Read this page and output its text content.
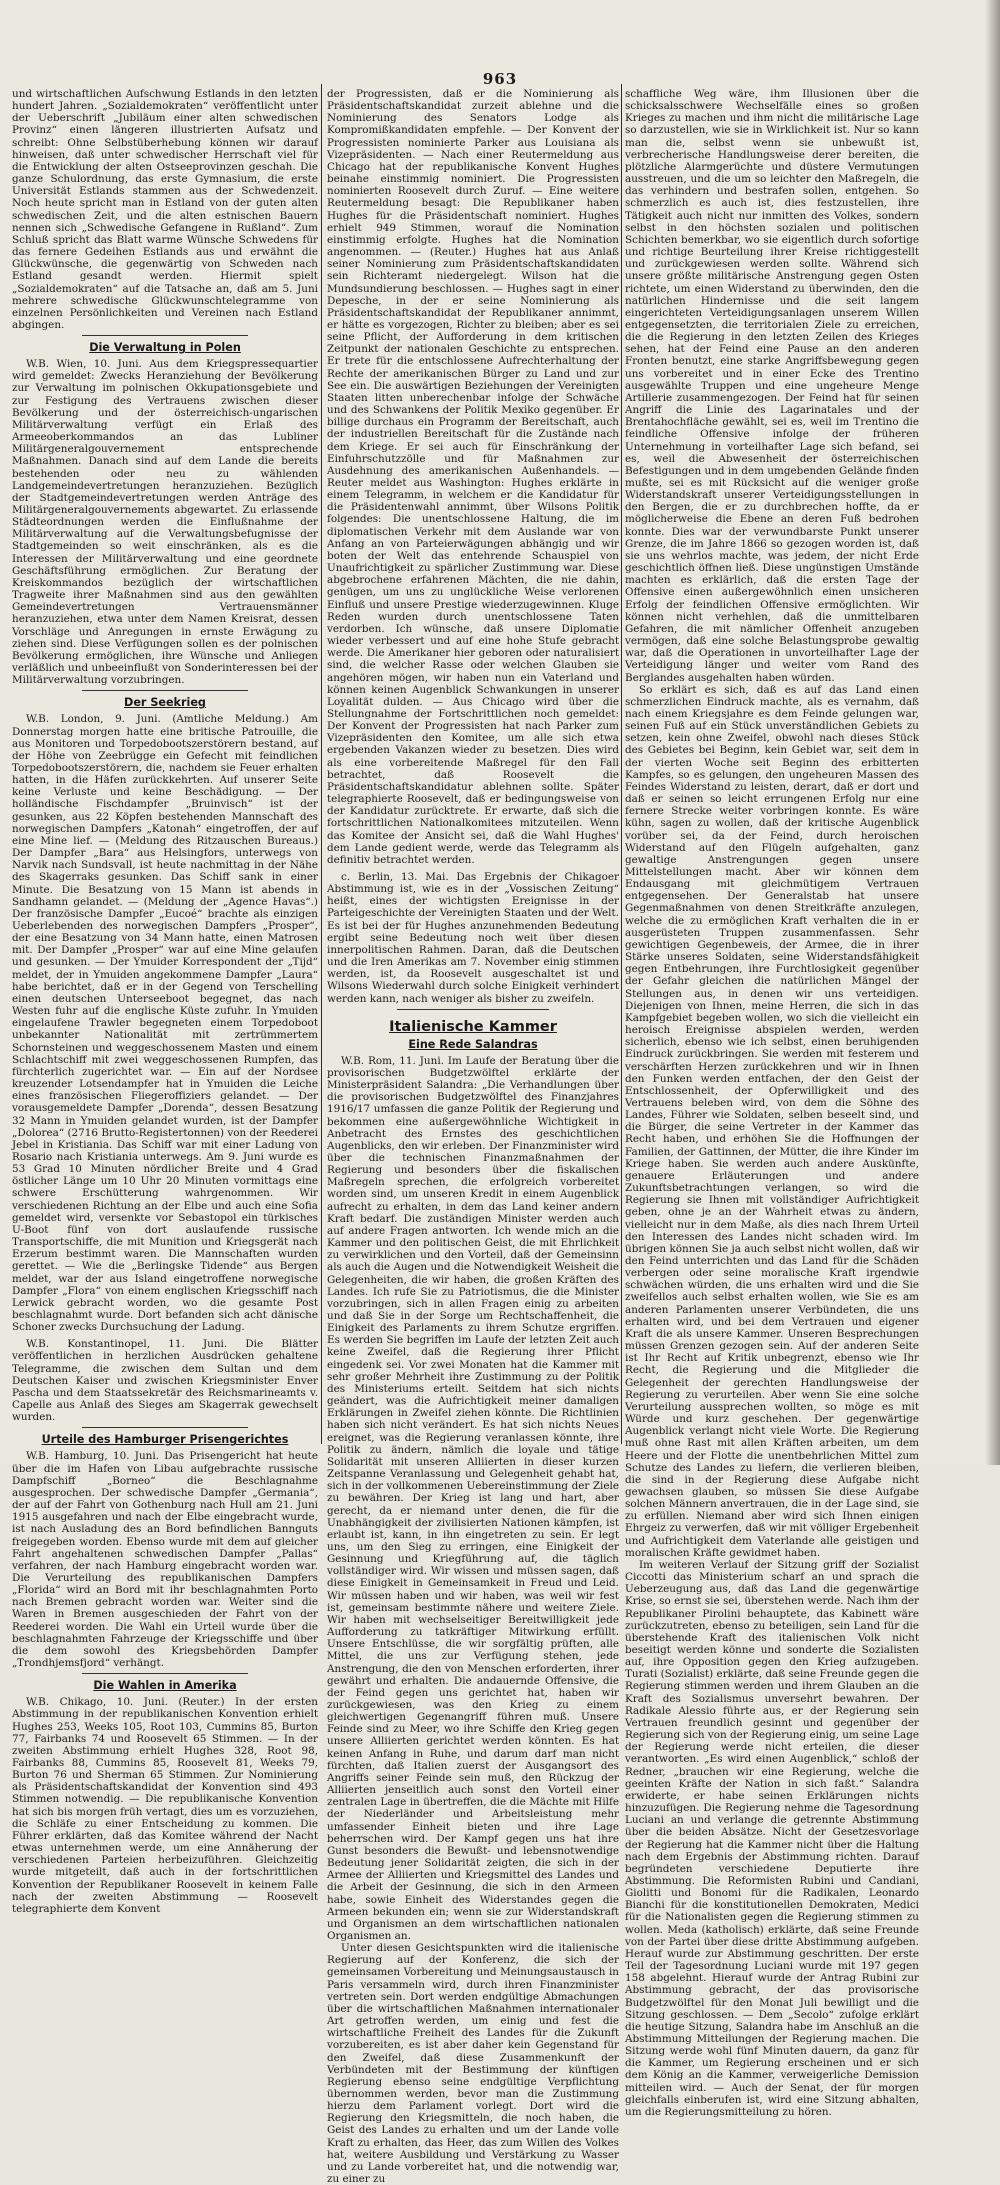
963

und wirtschaftlichen Aufschwung Estlands in den letzten hundert Jahren. „Sozialdemokraten“ veröffentlicht unter der Ueberschrift „Jubiläum einer alten schwedischen Provinz“ einen längeren illustrierten Aufsatz und schreibt: Ohne Selbstüberhebung können wir darauf hinweisen, daß unter schwedischer Herrschaft viel für die Entwicklung der alten Ostseeprovinzen geschah. Die ganze Schulordnung, das erste Gymnasium, die erste Universität Estlands stammen aus der Schwedenzeit. Noch heute spricht man in Estland von der guten alten schwedischen Zeit, und die alten estnischen Bauern nennen sich „Schwedische Gefangene in Rußland“. Zum Schluß spricht das Blatt warme Wünsche Schwedens für das fernere Gedeihen Estlands aus und erwähnt die Glückwünsche, die gegenwärtig von Schweden nach Estland gesandt werden. Hiermit spielt „Sozialdemokraten“ auf die Tatsache an, daß am 5. Juni mehrere schwedische Glückwunschtelegramme von einzelnen Persönlichkeiten und Vereinen nach Estland abgingen.

Die Verwaltung in Polen

W.B. Wien, 10. Juni. Aus dem Kriegspressequartier wird gemeldet: Zwecks Heranziehung der Bevölkerung zur Verwaltung im polnischen Okkupationsgebiete und zur Festigung des Vertrauens zwischen dieser Bevölkerung und der österreichisch-ungarischen Militärverwaltung verfügt ein Erlaß des Armeeoberkommandos an das Lubliner Militärgeneralgouvernement entsprechende Maßnahmen. Danach sind auf dem Lande die bereits bestehenden oder neu zu wählenden Landgemeindevertretungen heranzuziehen. Bezüglich der Stadtgemeindevertretungen werden Anträge des Militärgeneralgouvernements abgewartet. Zu erlassende Städteordnungen werden die Einflußnahme der Militärverwaltung auf die Verwaltungsbefugnisse der Stadtgemeinden so weit einschränken, als es die Interessen der Militärverwaltung und eine geordnete Geschäftsführung ermöglichen. Zur Beratung der Kreiskommandos bezüglich der wirtschaftlichen Tragweite ihrer Maßnahmen sind aus den gewählten Gemeindevertretungen Vertrauensmänner heranzuziehen, etwa unter dem Namen Kreisrat, dessen Vorschläge und Anregungen in ernste Erwägung zu ziehen sind. Diese Verfügungen sollen es der polnischen Bevölkerung ermöglichen, ihre Wünsche und Anliegen verläßlich und unbeeinflußt von Sonderinteressen bei der Militärverwaltung vorzubringen.

Der Seekrieg

W.B. London, 9. Juni. (Amtliche Meldung.) Am Donnerstag morgen hatte eine britische Patrouille, die aus Monitoren und Torpedobootszerstörern bestand, auf der Höhe von Zeebrügge ein Gefecht mit feindlichen Torpedobootszerstörern, die, nachdem sie Feuer erhalten hatten, in die Häfen zurückkehrten. Auf unserer Seite keine Verluste und keine Beschädigung. — Der holländische Fischdampfer „Bruinvisch“ ist der gesunken, aus 22 Köpfen bestehenden Mannschaft des norwegischen Dampfers „Katonah“ eingetroffen, der auf eine Mine lief. — (Meldung des Ritzauschen Bureaus.) Der Dampfer „Bara“ aus Helsingfors, unterwegs von Narvik nach Sundsvall, ist heute nachmittag in der Nähe des Skagerraks gesunken. Das Schiff sank in einer Minute. Die Besatzung von 15 Mann ist abends in Sandhamn gelandet. — (Meldung der „Agence Havas“.) Der französische Dampfer „Eucoé“ brachte als einzigen Ueberlebenden des norwegischen Dampfers „Prosper“, der eine Besatzung von 34 Mann hatte, einen Matrosen mit. Der Dampfer „Prosper“ war auf eine Mine gelaufen und gesunken. — Der Ymuider Korrespondent der „Tijd“ meldet, der in Ymuiden angekommene Dampfer „Laura“ habe berichtet, daß er in der Gegend von Terschelling einen deutschen Unterseeboot begegnet, das nach Westen fuhr auf die englische Küste zufuhr. In Ymuiden eingelaufene Trawler begegneten einem Torpedoboot unbekannter Nationalität mit zertrümmertem Schornsteinen und weggeschossenem Masten und einem Schlachtschiff mit zwei weggeschossenen Rumpfen, das fürchterlich zugerichtet war. — Ein auf der Nordsee kreuzender Lotsendampfer hat in Ymuiden die Leiche eines französischen Fliegeroffiziers gelandet. — Der vorausgemeldete Dampfer „Dorenda“, dessen Besatzung 32 Mann in Ymuiden gelandet wurden, ist der Dampfer „Dolorea“ (2716 Brutto-Registertonnen) von der Reederei Jebel in Kristiania. Das Schiff war mit einer Ladung von Rosario nach Kristiania unterwegs. Am 9. Juni wurde es 53 Grad 10 Minuten nördlicher Breite und 4 Grad östlicher Länge um 10 Uhr 20 Minuten vormittags eine schwere Erschütterung wahrgenommen. Wir verschiedenen Richtung an der Elbe und auch eine Sofia gemeldet wird, versenkte vor Sebastopol ein türkisches U-Boot fünf von dort auslaufende russische Transportschiffe, die mit Munition und Kriegsgerät nach Erzerum bestimmt waren. Die Mannschaften wurden gerettet. — Wie die „Berlingske Tidende“ aus Bergen meldet, war der aus Island eingetroffene norwegische Dampfer „Flora“ von einem englischen Kriegsschiff nach Lerwick gebracht worden, wo die gesamte Post beschlagnahmt wurde. Dort befanden sich acht dänische Schoner zwecks Durchsuchung der Ladung.

W.B. Konstantinopel, 11. Juni. Die Blätter veröffentlichen in herzlichen Ausdrücken gehaltene Telegramme, die zwischen dem Sultan und dem Deutschen Kaiser und zwischen Kriegsminister Enver Pascha und dem Staatssekretär des Reichsmarineamts v. Capelle aus Anlaß des Sieges am Skagerrak gewechselt wurden.

Urteile des Hamburger Prisengerichtes

W.B. Hamburg, 10. Juni. Das Prisengericht hat heute über die im Hafen von Libau aufgebrachte russische Dampfschiff „Borneo“ die Beschlagnahme ausgesprochen. Der schwedische Dampfer „Germania“, der auf der Fahrt von Gothenburg nach Hull am 21. Juni 1915 ausgefahren und nach der Elbe eingebracht wurde, ist nach Ausladung des an Bord befindlichen Bannguts freigegeben worden. Ebenso wurde mit dem auf gleicher Fahrt angehaltenen schwedischen Dampfer „Pallas“ verfahren, der nach Hamburg eingebracht worden war. Die Verurteilung des republikanischen Dampfers „Florida“ wird an Bord mit ihr beschlagnahmten Porto nach Bremen gebracht worden war. Weiter sind die Waren in Bremen ausgeschieden der Fahrt von der Reederei worden. Die Wahl ein Urteil wurde über die beschlagnahmten Fahrzeuge der Kriegsschiffe und über die dem sowohl des Kriegsbehörden Dampfer „Trondhjemsfjord“ verhängt.

Die Wahlen in Amerika

W.B. Chikago, 10. Juni. (Reuter.) In der ersten Abstimmung in der republikanischen Konvention erhielt Hughes 253, Weeks 105, Root 103, Cummins 85, Burton 77, Fairbanks 74 und Roosevelt 65 Stimmen. — In der zweiten Abstimmung erhielt Hughes 328, Root 98, Fairbanks 88, Cummins 85, Roosevelt 81, Weeks 79, Burton 76 und Sherman 65 Stimmen. Zur Nominierung als Präsidentschaftskandidat der Konvention sind 493 Stimmen notwendig. — Die republikanische Konvention hat sich bis morgen früh vertagt, dies um es vorzuziehen, die Schläfe zu einer Entscheidung zu kommen. Die Führer erklärten, daß das Komitee während der Nacht etwas unternehmen werde, um eine Annäherung der verschiedenen Parteien herbeizuführen. Gleichzeitig wurde mitgeteilt, daß auch in der fortschrittlichen Konvention der Republikaner Roosevelt in keinem Falle nach der zweiten Abstimmung — Roosevelt telegraphierte dem Konvent

der Progressisten, daß er die Nominierung als Präsidentschaftskandidat zurzeit ablehne und die Nominierung des Senators Lodge als Kompromißkandidaten empfehle. — Der Konvent der Progressisten nominierte Parker aus Louisiana als Vizepräsidenten. — Nach einer Reutermeldung aus Chicago hat der republikanische Konvent Hughes beinahe einstimmig nominiert. Die Progressisten nominierten Roosevelt durch Zuruf. — Eine weitere Reutermeldung besagt: Die Republikaner haben Hughes für die Präsidentschaft nominiert. Hughes erhielt 949 Stimmen, worauf die Nomination einstimmig erfolgte. Hughes hat die Nomination angenommen. — (Reuter.) Hughes hat aus Anlaß seiner Nominierung zum Präsidentschaftskandidaten sein Richteramt niedergelegt. Wilson hat die Mundsundierung beschlossen. — Hughes sagt in einer Depesche, in der er seine Nominierung als Präsidentschaftskandidat der Republikaner annimmt, er hätte es vorgezogen, Richter zu bleiben; aber es sei seine Pflicht, der Aufforderung in dem kritischen Zeitpunkt der nationalen Geschichte zu entsprechen. Er trete für die entschlossene Aufrechterhaltung der Rechte der amerikanischen Bürger zu Land und zur See ein. Die auswärtigen Beziehungen der Vereinigten Staaten litten unberechenbar infolge der Schwäche und des Schwankens der Politik Mexiko gegenüber. Er billige durchaus ein Programm der Bereitschaft, auch der industriellen Bereitschaft für die Zustände nach dem Kriege. Er sei auch für Einschränkung der Einfuhrschutzzölle und für Maßnahmen zur Ausdehnung des amerikanischen Außenhandels. — Reuter meldet aus Washington: Hughes erklärte in einem Telegramm, in welchem er die Kandidatur für die Präsidentenwahl annimmt, über Wilsons Politik folgendes: Die unentschlossene Haltung, die im diplomatischen Verkehr mit dem Auslande war von Anfang an von Parteierwägungen abhängig und wir boten der Welt das entehrende Schauspiel von Unaufrichtigkeit zu spärlicher Zustimmung war. Diese abgebrochene erfahrenen Mächten, die nie dahin, genügen, um uns zu unglückliche Weise verlorenen Einfluß und unsere Prestige wiederzugewinnen. Kluge Reden wurden durch unentschlossene Taten verdorben. Ich wünsche, daß unsere Diplomatie wieder verbessert und auf eine hohe Stufe gebracht werde. Die Amerikaner hier geboren oder naturalisiert sind, die welcher Rasse oder welchen Glauben sie angehören mögen, wir haben nun ein Vaterland und können keinen Augenblick Schwankungen in unserer Loyalität dulden. — Aus Chicago wird über die Stellungnahme der Fortschrittlichen noch gemeldet: Der Konvent der Progressisten hat nach Parker zum Vizepräsidenten den Komitee, um alle sich etwa ergebenden Vakanzen wieder zu besetzen. Dies wird als eine vorbereitende Maßregel für den Fall betrachtet, daß Roosevelt die Präsidentschaftskandidatur ablehnen sollte. Später telegraphierte Roosevelt, daß er bedingungsweise von der Kandidatur zurücktrete. Er erwarte, daß sich die fortschrittlichen Nationalkomitees mitzuteilen. Wenn das Komitee der Ansicht sei, daß die Wahl Hughes' dem Lande gedient werde, werde das Telegramm als definitiv betrachtet werden.

c. Berlin, 13. Mai. Das Ergebnis der Chikagoer Abstimmung ist, wie es in der „Vossischen Zeitung“ heißt, eines der wichtigsten Ereignisse in der Parteigeschichte der Vereinigten Staaten und der Welt. Es ist bei der für Hughes anzunehmenden Bedeutung ergibt seine Bedeutung noch weit über diesen innerpolitischen Rahmen. Daran, daß die Deutschen und die Iren Amerikas am 7. November einig stimmen werden, ist, da Roosevelt ausgeschaltet ist und Wilsons Wiederwahl durch solche Einigkeit verhindert werden kann, nach weniger als bisher zu zweifeln.

Italienische Kammer
Eine Rede Salandras

W.B. Rom, 11. Juni. Im Laufe der Beratung über die provisorischen Budgetzwölftel erklärte der Ministerpräsident Salandra: „Die Verhandlungen über die provisorischen Budgetzwölftel des Finanzjahres 1916/17 umfassen die ganze Politik der Regierung und bekommen eine außergewöhnliche Wichtigkeit in Anbetracht des Ernstes des geschichtlichen Augenblicks, den wir erleben. Der Finanzminister wird über die technischen Finanzmaßnahmen der Regierung und besonders über die fiskalischen Maßregeln sprechen, die erfolgreich vorbereitet worden sind, um unseren Kredit in einem Augenblick aufrecht zu erhalten, in dem das Land keiner andern Kraft bedarf. Die zuständigen Minister werden auch auf andere Fragen antworten. Ich wende mich an die Kammer und den politischen Geist, die mit Ehrlichkeit zu verwirklichen und den Vorteil, daß der Gemeinsinn als auch die Augen und die Notwendigkeit Weisheit die Gelegenheiten, die wir haben, die großen Kräften des Landes. Ich rufe Sie zu Patriotismus, die die Minister vorzubringen, sich in allen Fragen einig zu arbeiten und daß Sie in der Sorge um Rechtschaffenheit, die Einigkeit des Parlaments zu ihrem Schutze ergriffen. Es werden Sie begriffen im Laufe der letzten Zeit auch keine Zweifel, daß die Regierung ihrer Pflicht eingedenk sei. Vor zwei Monaten hat die Kammer mit sehr großer Mehrheit ihre Zustimmung zu der Politik des Ministeriums erteilt. Seitdem hat sich nichts geändert, was die Aufrichtigkeit meiner damaligen Erklärungen in Zweifel ziehen könnte. Die Richtlinien haben sich nicht verändert. Es hat sich nichts Neues ereignet, was die Regierung veranlassen könnte, ihre Politik zu ändern, nämlich die loyale und tätige Solidarität mit unseren Alliierten in dieser kurzen Zeitspanne Veranlassung und Gelegenheit gehabt hat, sich in der vollkommenen Uebereinstimmung der Ziele zu bewähren. Der Krieg ist lang und hart, aber gerecht, da er niemand unter denen, die für die Unabhängigkeit der zivilisierten Nationen kämpfen, ist erlaubt ist, kann, in ihn eingetreten zu sein. Er legt uns, um den Sieg zu erringen, eine Einigkeit der Gesinnung und Kriegführung auf, die täglich vollständiger wird. Wir wissen und müssen sagen, daß diese Einigkeit in Gemeinsamkeit in Freud und Leid. Wir müssen haben und wir haben, was weil wir fest ist, gemeinsam bestimmte nähere und weitere Ziele. Wir haben mit wechselseitiger Bereitwilligkeit jede Aufforderung zu tatkräftiger Mitwirkung erfüllt. Unsere Entschlüsse, die wir sorgfältig prüften, alle Mittel, die uns zur Verfügung stehen, jede Anstrengung, die den von Menschen erforderten, ihrer gewährt und erhalten. Die andauernde Offensive, die der Feind gegen uns gerichtet hat, haben wir zurückgewiesen, was den Krieg zu einem gleichwertigen Gegenangriff führen muß. Unsere Feinde sind zu Meer, wo ihre Schiffe den Krieg gegen unsere Alliierten gerichtet werden könnten. Es hat keinen Anfang in Ruhe, und darum darf man nicht fürchten, daß Italien zuerst der Ausgangsort des Angriffs seiner Feinde sein muß, den Rückzug der Alliierten jenseitlich auch sonst den Vorteil einer zentralen Lage in übertreffen, die die Mächte mit Hilfe der Niederländer und Arbeitsleistung mehr umfassender Einheit bieten und ihre Lage beherrschen wird. Der Kampf gegen uns hat ihre Gunst besonders die Bewußt- und lebensnotwendige Bedeutung jener Solidarität zeigten, die sich in der Armee der Alliierten und Kriegsmittel des Landes und die Arbeit der Gesinnung, die sich in den Armeen habe, sowie Einheit des Widerstandes gegen die Armeen bekunden ein; wenn sie zur Widerstandskraft und Organismen an dem wirtschaftlichen nationalen Organismen an.

Unter diesen Gesichtspunkten wird die italienische Regierung auf der Konferenz, die sich der gemeinsamen Vorbereitung und Meinungsaustausch in Paris versammeln wird, durch ihren Finanzminister vertreten sein. Dort werden endgültige Abmachungen über die wirtschaftlichen Maßnahmen internationaler Art getroffen werden, um einig und fest die wirtschaftliche Freiheit des Landes für die Zukunft vorzubereiten, es ist aber daher kein Gegenstand für den Zweifel, daß diese Zusammenkunft der Verbündeten mit der Bestimmung der künftigen Regierung ebenso seine endgültige Verpflichtung übernommen werden, bevor man die Zustimmung hierzu dem Parlament vorlegt. Dort wird die Regierung den Kriegsmitteln, die noch haben, die Geist des Landes zu erhalten und um der Lande volle Kraft zu erhalten, das Heer, das zum Willen des Volkes hat, weitere Ausbildung und Verstärkung zu Wasser und zu Lande vorbereitet hat, und die notwendig war, zu einer zu

schaffliche Weg wäre, ihm Illusionen über die schicksalsschwere Wechselfälle eines so großen Krieges zu machen und ihm nicht die militärische Lage so darzustellen, wie sie in Wirklichkeit ist. Nur so kann man die, selbst wenn sie unbewußt ist, verbrecherische Handlungsweise derer bereiten, die plötzliche Alarmgerüchte und düstere Vermutungen ausstreuen, und die um so leichter den Maßregeln, die das verhindern und bestrafen sollen, entgehen. So schmerzlich es auch ist, dies festzustellen, ihre Tätigkeit auch nicht nur inmitten des Volkes, sondern selbst in den höchsten sozialen und politischen Schichten bemerkbar, wo sie eigentlich durch sofortige und richtige Beurteilung ihrer Kreise richtiggestellt und zurückgewiesen werden sollte. Während sich unsere größte militärische Anstrengung gegen Osten richtete, um einen Widerstand zu überwinden, den die natürlichen Hindernisse und die seit langem eingerichteten Verteidigungsanlagen unserem Willen entgegensetzten, die territorialen Ziele zu erreichen, die die Regierung in den letzten Zeilen des Krieges sehen, hat der Feind eine Pause an den anderen Fronten benutzt, eine starke Angriffsbewegung gegen uns vorbereitet und in einer Ecke des Trentino ausgewählte Truppen und eine ungeheure Menge Artillerie zusammengezogen. Der Feind hat für seinen Angriff die Linie des Lagarinatales und der Brentahochfläche gewählt, sei es, weil im Trentino die feindliche Offensive infolge der früheren Unternehmung in vorteilhafter Lage sich befand, sei es, weil die Abwesenheit der österreichischen Befestigungen und in dem umgebenden Gelände finden mußte, sei es mit Rücksicht auf die weniger große Widerstandskraft unserer Verteidigungsstellungen in den Bergen, die er zu durchbrechen hoffte, da er möglicherweise die Ebene an deren Fuß bedrohen konnte. Dies war der verwundbarste Punkt unserer Grenze, die im Jahre 1866 so gezogen worden ist, daß sie uns wehrlos machte, was jedem, der nicht Erde geschichtlich öffnen ließ. Diese ungünstigen Umstände machten es erklärlich, daß die ersten Tage der Offensive einen außergewöhnlich einen unsicheren Erfolg der feindlichen Offensive ermöglichten. Wir können nicht verhehlen, daß die unmittelbaren Gefahren, die mit nämlicher Offenheit anzugeben vermögen, daß eine solche Belastungsprobe gewaltig war, daß die Operationen in unvorteilhafter Lage der Verteidigung länger und weiter vom Rand des Berglandes ausgehalten haben würden.

So erklärt es sich, daß es auf das Land einen schmerzlichen Eindruck machte, als es vernahm, daß nach einem Kriegsjahre es dem Feinde gelungen war, seinen Fuß auf ein Stück unverständlichen Gebiets zu setzen, kein ohne Zweifel, obwohl nach dieses Stück des Gebietes bei Beginn, kein Gebiet war, seit dem in der vierten Woche seit Beginn des erbitterten Kampfes, so es gelungen, den ungeheuren Massen des Feindes Widerstand zu leisten, derart, daß er dort und daß er seinen so leicht errungenen Erfolg nur eine fernere Strecke weiter vorbringen konnte. Es wäre kühn, sagen zu wollen, daß der kritische Augenblick vorüber sei, da der Feind, durch heroischen Widerstand auf den Flügeln aufgehalten, ganz gewaltige Anstrengungen gegen unsere Mittelstellungen macht. Aber wir können dem Endausgang mit gleichmütigem Vertrauen entgegensehen. Der Generalstab hat unsere Gegenmaßnahmen von denen Streitkräfte anzulegen, welche die zu ermöglichen Kraft verhalten die in er ausgerüsteten Truppen zusammenfassen. Sehr gewichtigen Gegenbeweis, der Armee, die in ihrer Stärke unseres Soldaten, seine Widerstandsfähigkeit gegen Entbehrungen, ihre Furchtlosigkeit gegenüber der Gefahr gleichen die natürlichen Mängel der Stellungen aus, in denen wir uns verteidigen. Diejenigen von Ihnen, meine Herren, die sich in das Kampfgebiet begeben wollen, wo sich die vielleicht ein heroisch Ereignisse abspielen werden, werden sicherlich, ebenso wie ich selbst, einen beruhigenden Eindruck zurückbringen. Sie werden mit festerem und verschärften Herzen zurückkehren und wir in Ihnen den Funken werden entfachen, der den Geist der Entschlossenheit, der Opferwilligkeit und des Vertrauens beleben wird, von dem die Söhne des Landes, Führer wie Soldaten, selben beseelt sind, und die Bürger, die seine Vertreter in der Kammer das Recht haben, und erhöhen Sie die Hoffnungen der Familien, der Gattinnen, der Mütter, die ihre Kinder im Kriege haben. Sie werden auch andere Auskünfte, genauere Erläuterungen und andere Zukunftsbetrachtungen verlangen, so wird die Regierung sie Ihnen mit vollständiger Aufrichtigkeit geben, ohne je an der Wahrheit etwas zu ändern, vielleicht nur in dem Maße, als dies nach Ihrem Urteil den Interessen des Landes nicht schaden wird. Im übrigen können Sie ja auch selbst nicht wollen, daß wir den Feind unterrichten und das Land für die Schäden verbergen oder seine moralische Kraft irgendwie schwächen würden, die uns erhalten wird und die Sie zweifellos auch selbst erhalten wollen, wie Sie es am anderen Parlamenten unserer Verbündeten, die uns erhalten wird, und bei dem Vertrauen und eigener Kraft die als unsere Kammer. Unseren Besprechungen müssen Grenzen gezogen sein. Auf der anderen Seite ist Ihr Recht auf Kritik unbegrenzt, ebenso wie Ihr Recht, die Regierung und die Mitglieder die Gelegenheit der gerechten Handlungsweise der Regierung zu verurteilen. Aber wenn Sie eine solche Verurteilung aussprechen wollten, so möge es mit Würde und kurz geschehen. Der gegenwärtige Augenblick verlangt nicht viele Worte. Die Regierung muß ohne Rast mit allen Kräften arbeiten, um dem Heere und der Flotte die unentbehrlichen Mittel zum Schutze des Landes zu liefern, die verlieren bleiben, die sind in der Regierung diese Aufgabe nicht gewachsen glauben, so müssen Sie diese Aufgabe solchen Männern anvertrauen, die in der Lage sind, sie zu erfüllen. Niemand aber wird sich Ihnen einigen Ehrgeiz zu verwerfen, daß wir mit völliger Ergebenheit und Aufrichtigkeit dem Vaterlande alle geistigen und moralischen Kräfte gewidmet haben.

Im weiteren Verlauf der Sitzung griff der Sozialist Ciccotti das Ministerium scharf an und sprach die Ueberzeugung aus, daß das Land die gegenwärtige Krise, so ernst sie sei, überstehen werde. Nach ihm der Republikaner Pirolini behauptete, das Kabinett wäre zurückzutreten, ebenso zu beteiligen, sein Land für die überstehende Kraft des italienischen Volk nicht beseitigt werden könne und sonderte die Sozialisten auf, ihre Opposition gegen den Krieg aufzugeben. Turati (Sozialist) erklärte, daß seine Freunde gegen die Regierung stimmen werden und ihrem Glauben an die Kraft des Sozialismus unversehrt bewahren. Der Radikale Alessio führte aus, er der Regierung sein Vertrauen freundlich gesinnt und gegenüber der Regierung sich von der Regierung einig, um seine Lage der Regierung werde nicht erteilen, die dieser verantworten. „Es wird einen Augenblick,“ schloß der Redner, „brauchen wir eine Regierung, welche die geeinten Kräfte der Nation in sich faßt.“ Salandra erwiderte, er habe seinen Erklärungen nichts hinzuzufügen. Die Regierung nehme die Tagesordnung Luciani an und verlange die getrennte Abstimmung über die beiden Absätze. Nicht der Gesetzesvorlage der Regierung hat die Kammer nicht über die Haltung nach dem Ergebnis der Abstimmung richten. Darauf begründeten verschiedene Deputierte ihre Abstimmung. Die Reformisten Rubini und Candiani, Giolitti und Bonomi für die Radikalen, Leonardo Bianchi für die konstitutionellen Demokraten, Medici für die Nationalisten gegen die Regierung stimmen zu wollen. Meda (katholisch) erklärte, daß seine Freunde von der Partei über diese dritte Abstimmung aufgeben. Herauf wurde zur Abstimmung geschritten. Der erste Teil der Tagesordnung Luciani wurde mit 197 gegen 158 abgelehnt. Hierauf wurde der Antrag Rubini zur Abstimmung gebracht, der das provisorische Budgetzwölftel für den Monat Juli bewilligt und die Sitzung geschlossen. — Dem „Secolo“ zufolge erklärt die heutige Sitzung, Salandra habe im Anschluß an die Abstimmung Mitteilungen der Regierung machen. Die Sitzung werde wohl fünf Minuten dauern, da ganz für die Kammer, um Regierung erscheinen und er sich dem König an die Kammer, verweigerliche Demission mitteilen wird. — Auch der Senat, der für morgen gleichfalls einberufen ist, wird eine Sitzung abhalten, um die Regierungsmitteilung zu hören.
